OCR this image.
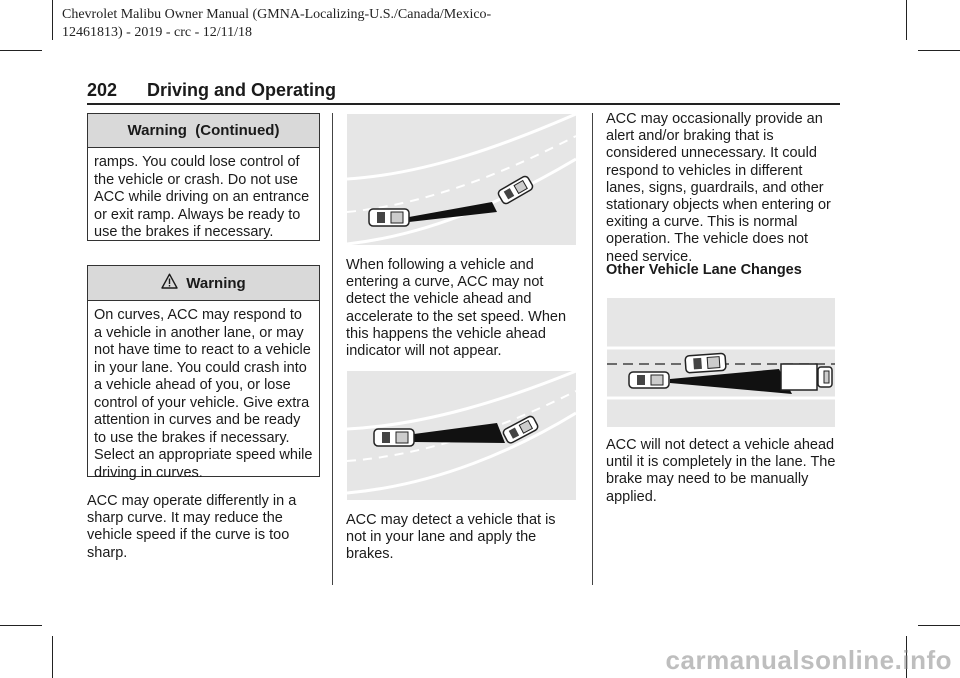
Chevrolet Malibu Owner Manual (GMNA-Localizing-U.S./Canada/Mexico-
12461813) - 2019 - crc - 12/11/18
202 Driving and Operating
Warning  (Continued)
ramps. You could lose control of the vehicle or crash. Do not use ACC while driving on an entrance or exit ramp. Always be ready to use the brakes if necessary.
Warning
On curves, ACC may respond to a vehicle in another lane, or may not have time to react to a vehicle in your lane. You could crash into a vehicle ahead of you, or lose control of your vehicle. Give extra attention in curves and be ready to use the brakes if necessary. Select an appropriate speed while driving in curves.
ACC may operate differently in a sharp curve. It may reduce the vehicle speed if the curve is too sharp.
When following a vehicle and entering a curve, ACC may not detect the vehicle ahead and accelerate to the set speed. When this happens the vehicle ahead indicator will not appear.
ACC may detect a vehicle that is not in your lane and apply the brakes.
ACC may occasionally provide an alert and/or braking that is considered unnecessary. It could respond to vehicles in different lanes, signs, guardrails, and other stationary objects when entering or exiting a curve. This is normal operation. The vehicle does not need service.
Other Vehicle Lane Changes
ACC will not detect a vehicle ahead until it is completely in the lane. The brake may need to be manually applied.
carmanualsonline.info
